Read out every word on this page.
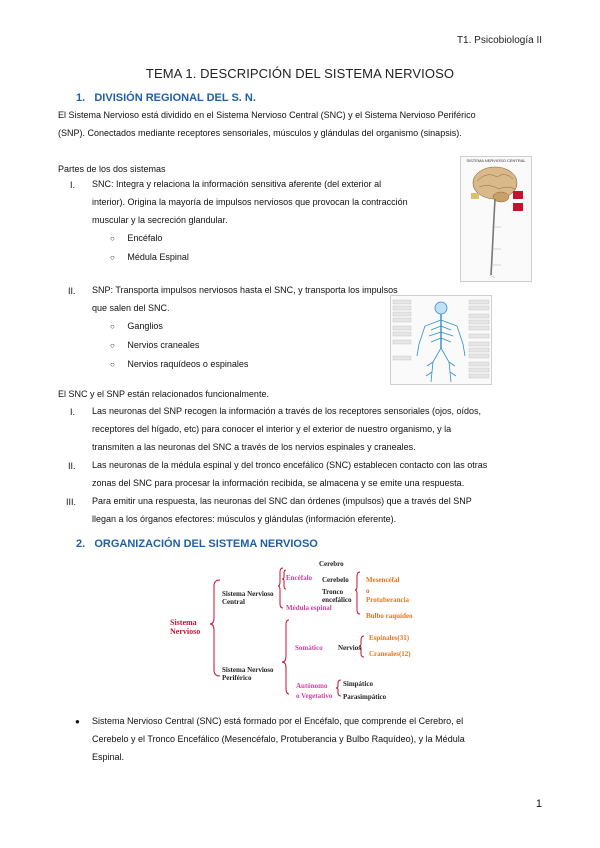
T1. Psicobiología II
TEMA 1. DESCRIPCIÓN DEL SISTEMA NERVIOSO
1. DIVISIÓN REGIONAL DEL S. N.
El Sistema Nervioso está dividido en el Sistema Nervioso Central (SNC) y el Sistema Nervioso Periférico
(SNP). Conectados mediante receptores sensoriales, músculos y glándulas del organismo (sinapsis).
Partes de los dos sistemas
I. SNC: Integra y relaciona la información sensitiva aferente (del exterior al
interior). Origina la mayoría de impulsos nerviosos que provocan la contracción
muscular y la secreción glandular.
○ Encéfalo
○ Médula Espinal
SISTEMA NERVIOSO CENTRAL
II. SNP: Transporta impulsos nerviosos hasta el SNC, y transporta los impulsos
que salen del SNC.
○ Ganglios
○ Nervios craneales
○ Nervios raquídeos o espinales
El SNC y el SNP están relacionados funcionalmente.
I. Las neuronas del SNP recogen la información a través de los receptores sensoriales (ojos, oídos,
receptores del hígado, etc) para conocer el interior y el exterior de nuestro organismo, y la
transmiten a las neuronas del SNC a través de los nervios espinales y craneales.
II. Las neuronas de la médula espinal y del tronco encefálico (SNC) establecen contacto con las otras
zonas del SNC para procesar la información recibida, se almacena y se emite una respuesta.
III. Para emitir una respuesta, las neuronas del SNC dan órdenes (impulsos) que a través del SNP
llegan a los órganos efectores: músculos y glándulas (información eferente).
2. ORGANIZACIÓN DEL SISTEMA NERVIOSO
Sistema
Nervioso
Sistema Nervioso
Central
Encéfalo
Cerebro
Cerebelo
Tronco
encefálico
Mesencéfal
o
Protuberancia
Bulbo raquídeo
Médula espinal
Sistema Nervioso
Periférico
Somático Nervios
Espinales(31)
Craneales(12)
Autónomo
o Vegetativo
Simpático
Parasimpático
● Sistema Nervioso Central (SNC) está formado por el Encéfalo, que comprende el Cerebro, el
Cerebelo y el Tronco Encefálico (Mesencéfalo, Protuberancia y Bulbo Raquídeo), y la Médula
Espinal.
1
